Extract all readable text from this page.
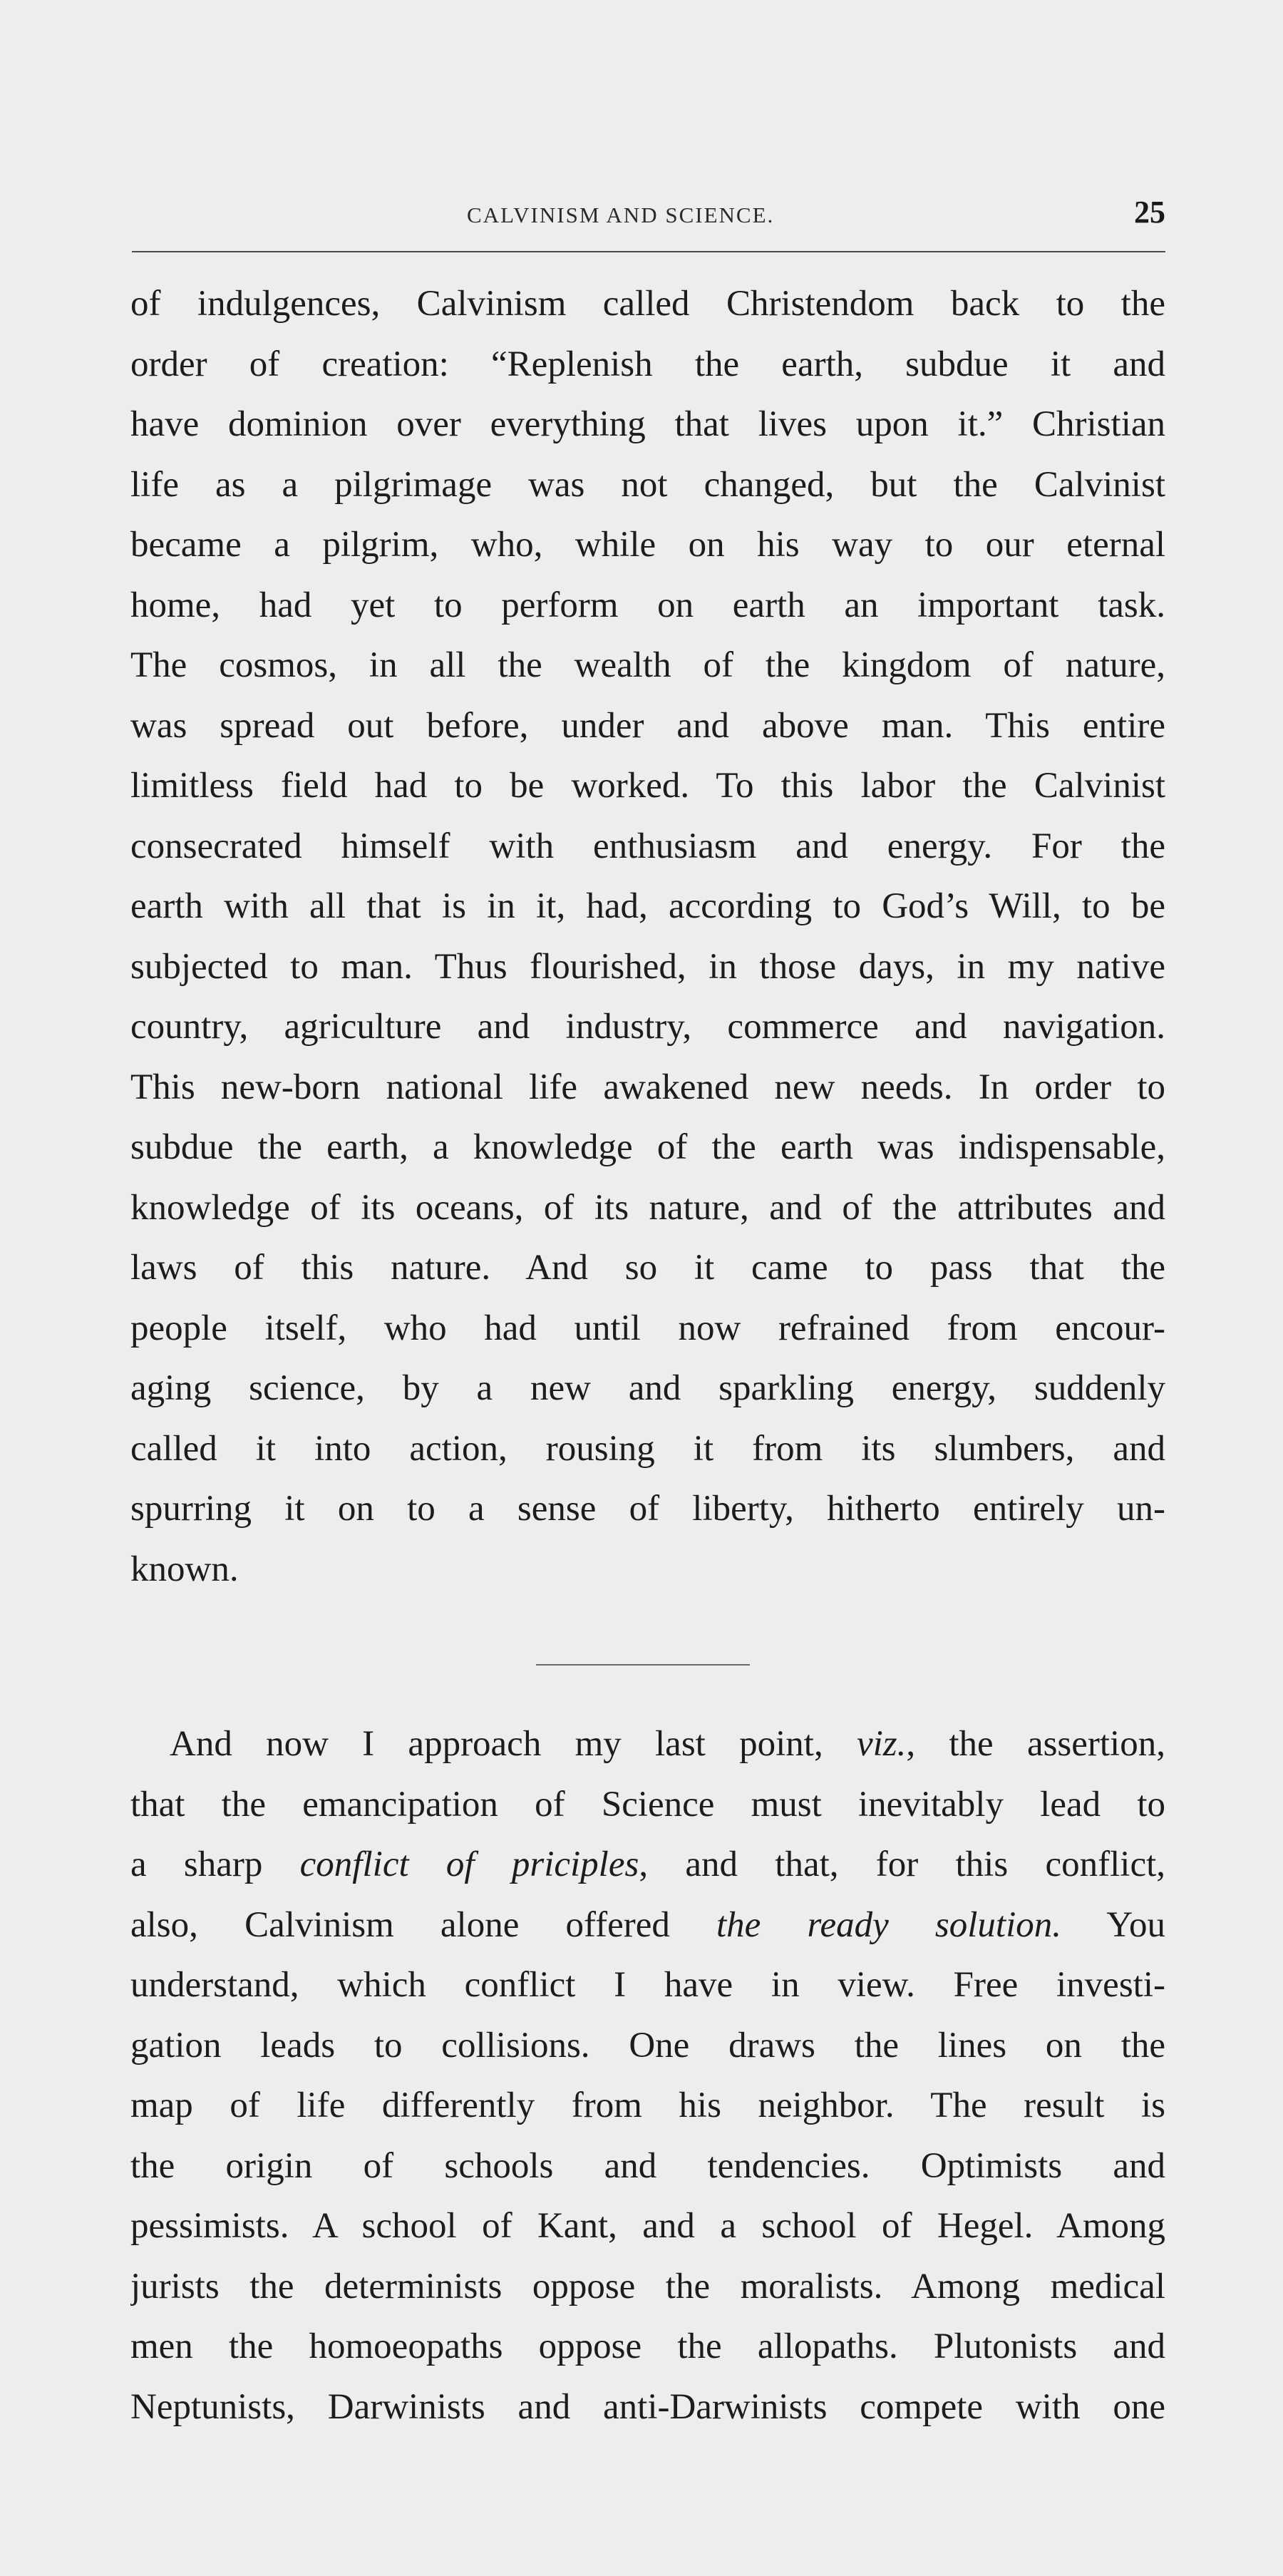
CALVINISM AND SCIENCE.	25

of indulgences, Calvinism called Christendom back to the
order of creation: “Replenish the earth, subdue it and
have dominion over everything that lives upon it.” Christian
life as a pilgrimage was not changed, but the Calvinist
became a pilgrim, who, while on his way to our eternal
home, had yet to perform on earth an important task.
The cosmos, in all the wealth of the kingdom of nature,
was spread out before, under and above man. This entire
limitless field had to be worked. To this labor the Calvinist
consecrated himself with enthusiasm and energy. For the
earth with all that is in it, had, according to God’s Will, to be
subjected to man. Thus flourished, in those days, in my native
country, agriculture and industry, commerce and navigation.
This new-born national life awakened new needs. In order to
subdue the earth, a knowledge of the earth was indispensable,
knowledge of its oceans, of its nature, and of the attributes and
laws of this nature. And so it came to pass that the
people itself, who had until now refrained from encour-
aging science, by a new and sparkling energy, suddenly
called it into action, rousing it from its slumbers, and
spurring it on to a sense of liberty, hitherto entirely un-
known.

And now I approach my last point, viz., the assertion,
that the emancipation of Science must inevitably lead to
a sharp conflict of priciples, and that, for this conflict,
also, Calvinism alone offered the ready solution. You
understand, which conflict I have in view. Free investi-
gation leads to collisions. One draws the lines on the
map of life differently from his neighbor. The result is
the origin of schools and tendencies. Optimists and
pessimists. A school of Kant, and a school of Hegel. Among
jurists the determinists oppose the moralists. Among medical
men the homoeopaths oppose the allopaths. Plutonists and
Neptunists, Darwinists and anti-Darwinists compete with one
